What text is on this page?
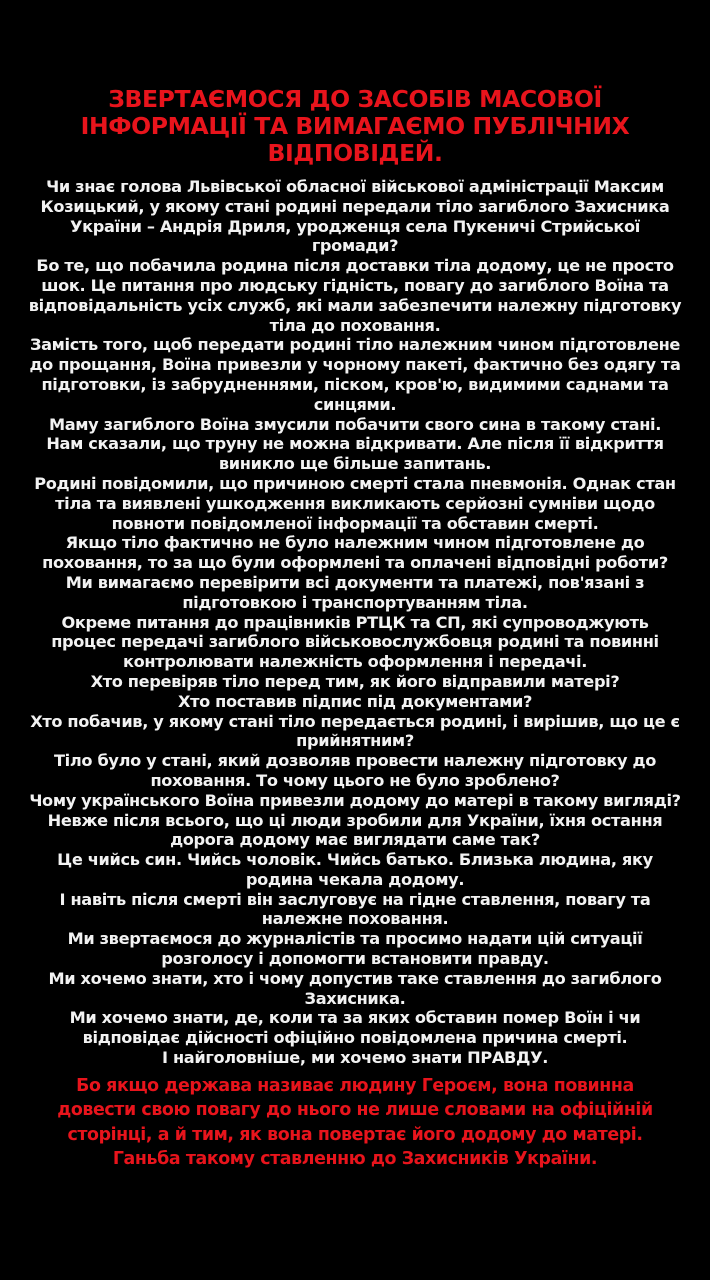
ЗВЕРТАЄМОСЯ ДО ЗАСОБІВ МАСОВОЇ
ІНФОРМАЦІЇ ТА ВИМАГАЄМО ПУБЛІЧНИХ
ВІДПОВІДЕЙ.
Чи знає голова Львівської обласної військової адміністрації Максим
Козицький, у якому стані родині передали тіло загиблого Захисника
України – Андрія Дриля, уродженця села Пукеничі Стрийської
громади?
Бо те, що побачила родина після доставки тіла додому, це не просто
шок. Це питання про людську гідність, повагу до загиблого Воїна та
відповідальність усіх служб, які мали забезпечити належну підготовку
тіла до поховання.
Замість того, щоб передати родині тіло належним чином підготовлене
до прощання, Воїна привезли у чорному пакеті, фактично без одягу та
підготовки, із забрудненнями, піском, кров'ю, видимими саднами та
синцями.
Маму загиблого Воїна змусили побачити свого сина в такому стані.
Нам сказали, що труну не можна відкривати. Але після її відкриття
виникло ще більше запитань.
Родині повідомили, що причиною смерті стала пневмонія. Однак стан
тіла та виявлені ушкодження викликають серйозні сумніви щодо
повноти повідомленої інформації та обставин смерті.
Якщо тіло фактично не було належним чином підготовлене до
поховання, то за що були оформлені та оплачені відповідні роботи?
Ми вимагаємо перевірити всі документи та платежі, пов'язані з
підготовкою і транспортуванням тіла.
Окреме питання до працівників РТЦК та СП, які супроводжують
процес передачі загиблого військовослужбовця родині та повинні
контролювати належність оформлення і передачі.
Хто перевіряв тіло перед тим, як його відправили матері?
Хто поставив підпис під документами?
Хто побачив, у якому стані тіло передається родині, і вирішив, що це є
прийнятним?
Тіло було у стані, який дозволяв провести належну підготовку до
поховання. То чому цього не було зроблено?
Чому українського Воїна привезли додому до матері в такому вигляді?
Невже після всього, що ці люди зробили для України, їхня остання
дорога додому має виглядати саме так?
Це чийсь син. Чийсь чоловік. Чийсь батько. Близька людина, яку
родина чекала додому.
І навіть після смерті він заслуговує на гідне ставлення, повагу та
належне поховання.
Ми звертаємося до журналістів та просимо надати цій ситуації
розголосу і допомогти встановити правду.
Ми хочемо знати, хто і чому допустив таке ставлення до загиблого
Захисника.
Ми хочемо знати, де, коли та за яких обставин помер Воїн і чи
відповідає дійсності офіційно повідомлена причина смерті.
І найголовніше, ми хочемо знати ПРАВДУ.
Бо якщо держава називає людину Героєм, вона повинна
довести свою повагу до нього не лише словами на офіційній
сторінці, а й тим, як вона повертає його додому до матері.
Ганьба такому ставленню до Захисників України.
